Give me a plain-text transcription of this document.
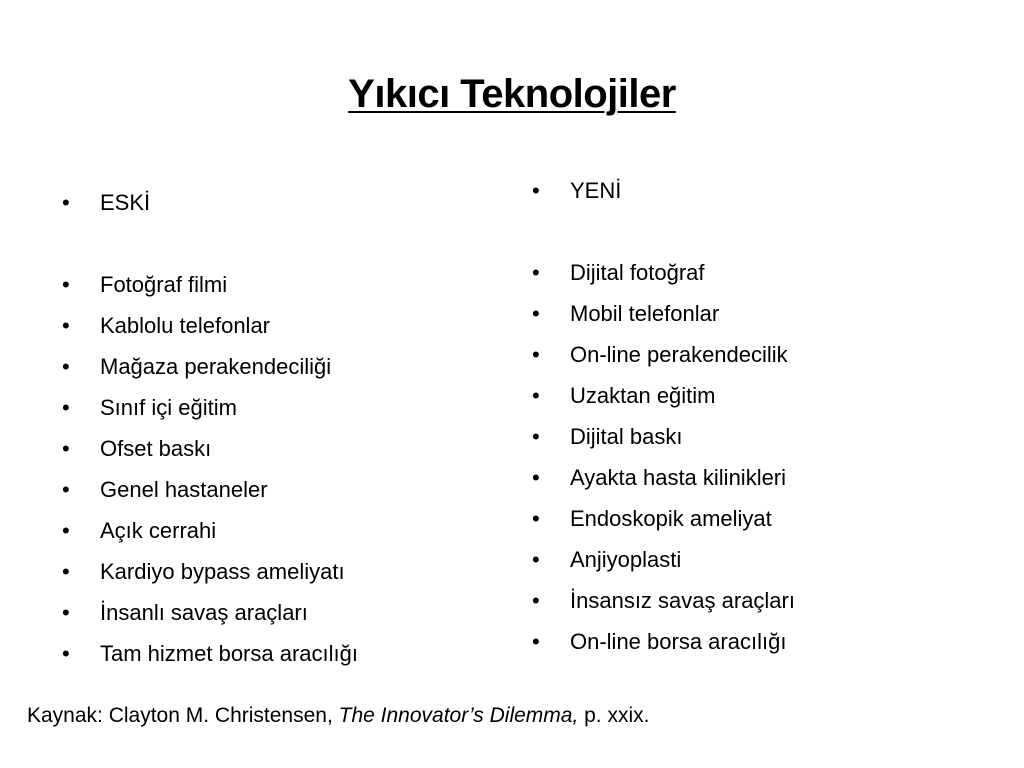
Yıkıcı Teknolojiler
•	ESKİ
•	Fotoğraf filmi
•	Kablolu telefonlar
•	Mağaza perakendeciliği
•	Sınıf içi eğitim
•	Ofset baskı
•	Genel hastaneler
•	Açık cerrahi
•	Kardiyo bypass ameliyatı
•	İnsanlı savaş araçları
•	Tam hizmet borsa aracılığı
•	YENİ
•	Dijital fotoğraf
•	Mobil telefonlar
•	On-line perakendecilik
•	Uzaktan eğitim
•	Dijital baskı
•	Ayakta hasta kilinikleri
•	Endoskopik ameliyat
•	Anjiyoplasti
•	İnsansız savaş araçları
•	On-line borsa aracılığı

Kaynak: Clayton M. Christensen, The Innovator’s Dilemma, p. xxix.
